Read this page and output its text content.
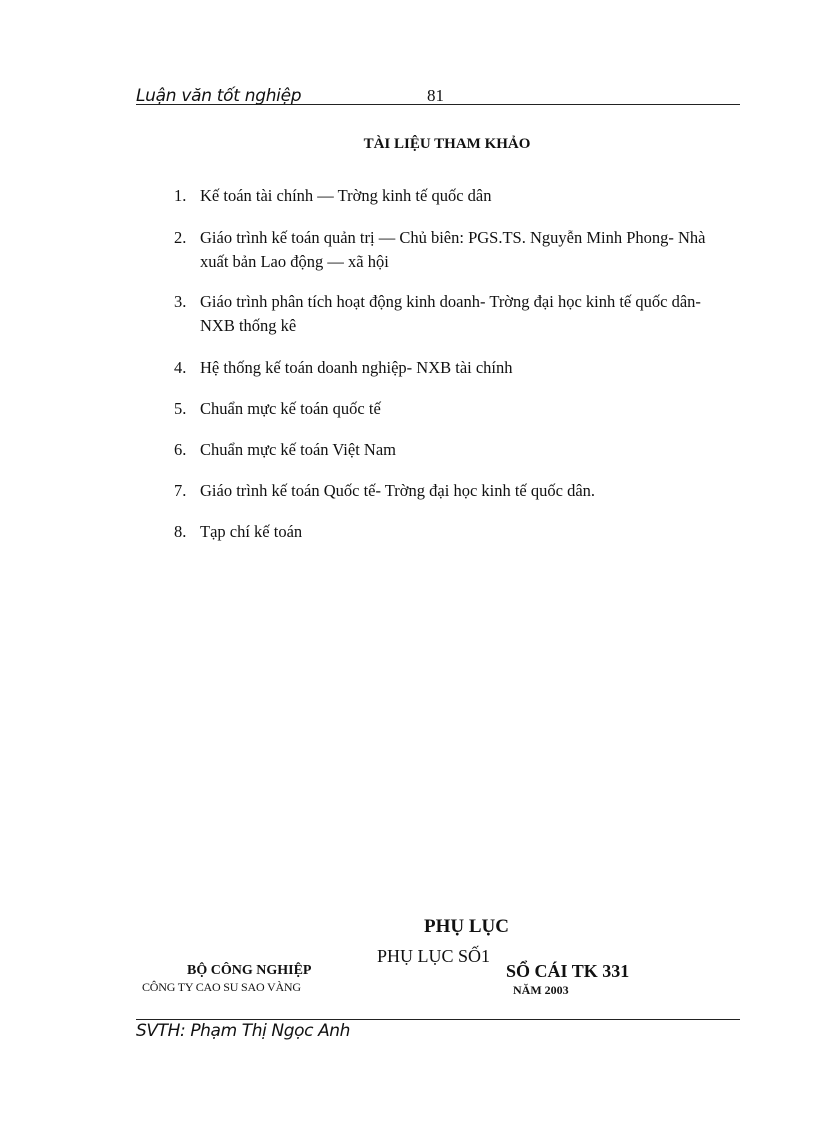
Luận văn tốt nghiệp	81
TÀI LIỆU THAM KHẢO
1. Kế toán tài chính — Trờng kinh tế quốc dân
2. Giáo trình kế toán quản trị — Chủ biên: PGS.TS. Nguyễn Minh Phong- Nhà xuất bản Lao động — xã hội
3. Giáo trình phân tích hoạt động kinh doanh- Trờng đại học kinh tế quốc dân- NXB thống kê
4. Hệ thống kế toán doanh nghiệp- NXB tài chính
5. Chuẩn mực kế toán quốc tế
6. Chuẩn mực kế toán Việt Nam
7. Giáo trình kế toán Quốc tế- Trờng đại học kinh tế quốc dân.
8. Tạp chí kế toán
PHỤ LỤC
PHỤ LỤC SỐ1
BỘ CÔNG NGHIỆP
CÔNG TY CAO SU SAO VÀNG
SỔ CÁI TK 331
NĂM 2003
SVTH: Phạm Thị Ngọc Anh
